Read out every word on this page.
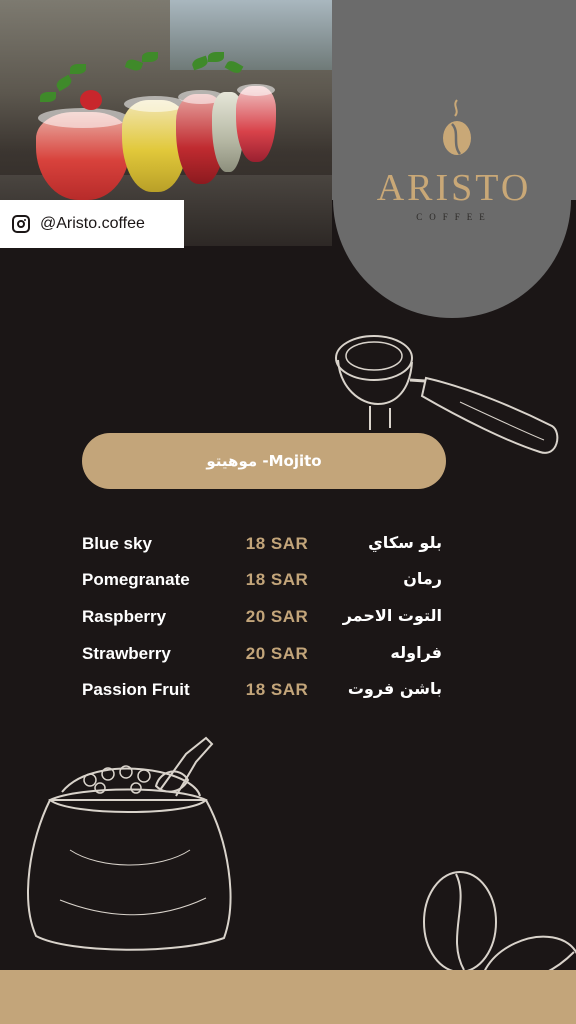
@Aristo.coffee
ARISTO
COFFEE
موهيتو -Mojito
Blue sky	18 SAR	بلو سكاي
Pomegranate	18 SAR	رمان
Raspberry	20 SAR	التوت الاحمر
Strawberry	20 SAR	فراوله
Passion Fruit	18 SAR	باشن فروت
